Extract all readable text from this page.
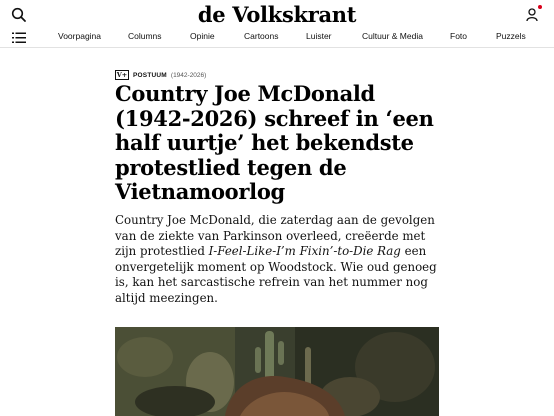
de Volkskrant
Voorpagina	Columns	Opinie	Cartoons	Luister	Cultuur & Media	Foto	Puzzels
V+ POSTUUM (1942-2026)
Country Joe McDonald (1942-2026) schreef in ‘een half uurtje’ het bekendste protestlied tegen de Vietnamoorlog

Country Joe McDonald, die zaterdag aan de gevolgen van de ziekte van Parkinson overleed, creëerde met zijn protestlied I-Feel-Like-I’m Fixin’-to-Die Rag een onvergetelijk moment op Woodstock. Wie oud genoeg is, kan het sarcastische refrein van het nummer nog altijd meezingen.
